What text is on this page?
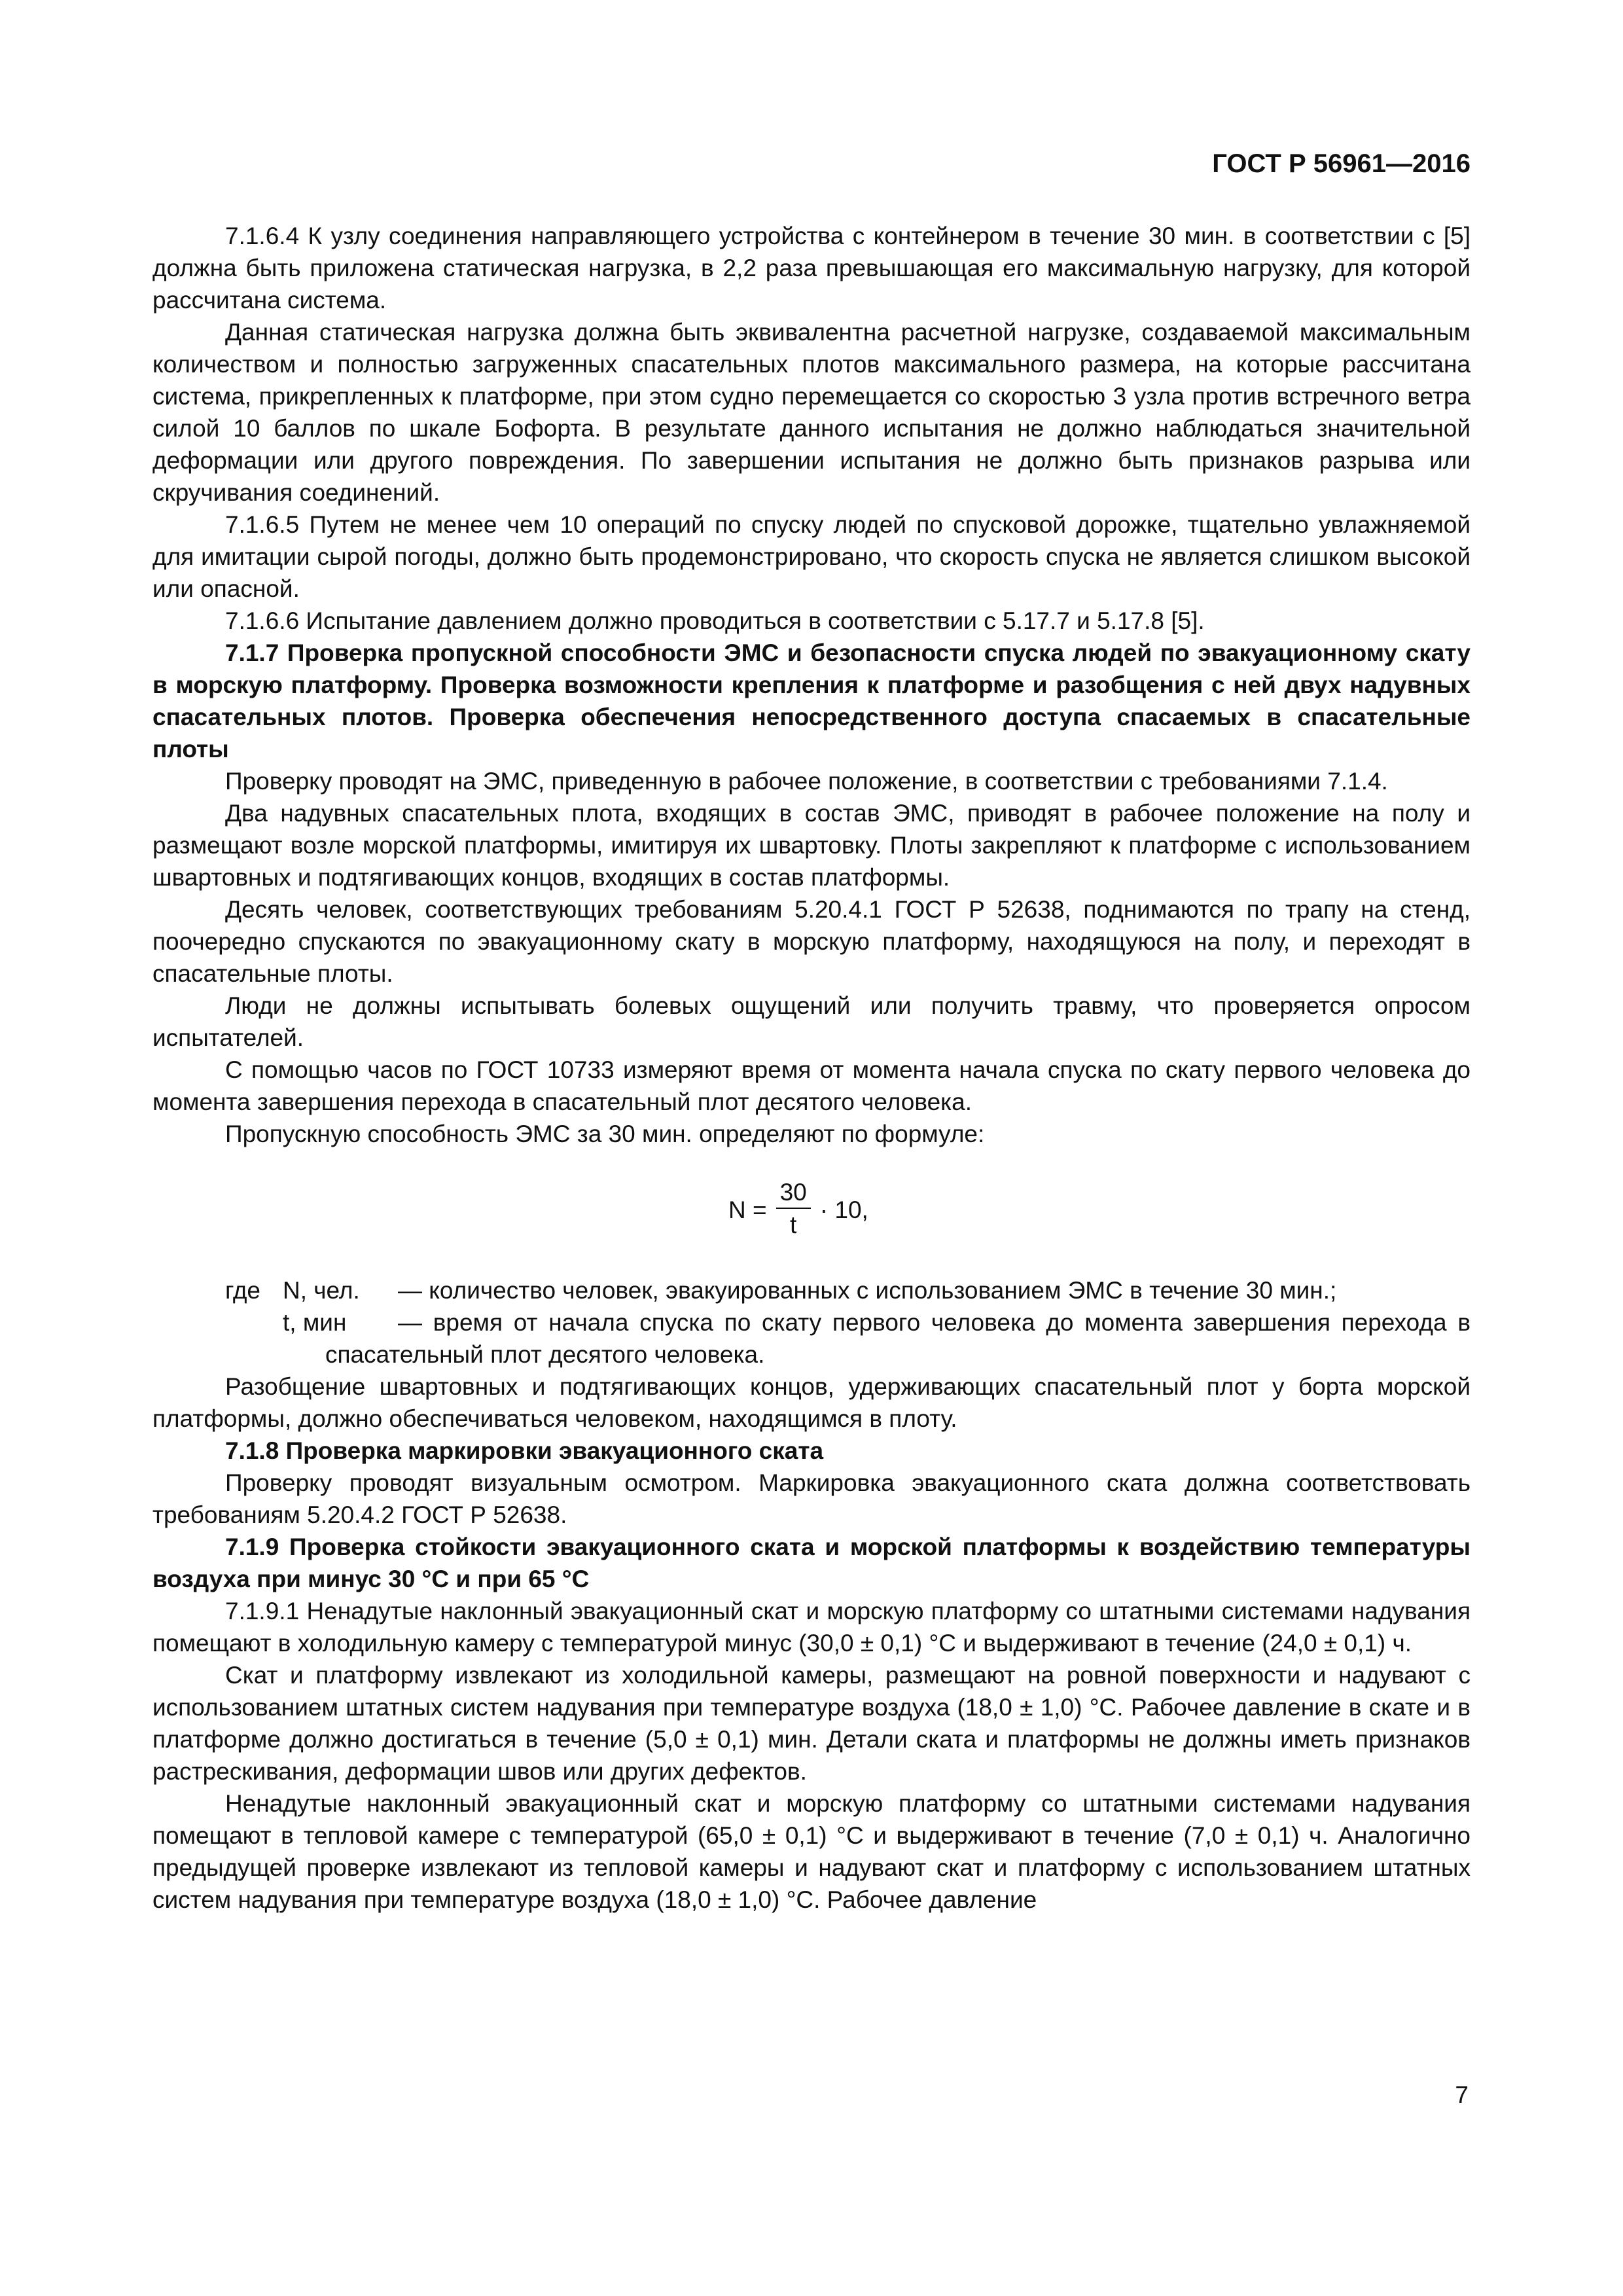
ГОСТ Р 56961—2016

7.1.6.4 К узлу соединения направляющего устройства с контейнером в течение 30 мин. в соответствии с [5] должна быть приложена статическая нагрузка, в 2,2 раза превышающая его максимальную нагрузку, для которой рассчитана система.

Данная статическая нагрузка должна быть эквивалентна расчетной нагрузке, создаваемой максимальным количеством и полностью загруженных спасательных плотов максимального размера, на которые рассчитана система, прикрепленных к платформе, при этом судно перемещается со скоростью 3 узла против встречного ветра силой 10 баллов по шкале Бофорта. В результате данного испытания не должно наблюдаться значительной деформации или другого повреждения. По завершении испытания не должно быть признаков разрыва или скручивания соединений.

7.1.6.5 Путем не менее чем 10 операций по спуску людей по спусковой дорожке, тщательно увлажняемой для имитации сырой погоды, должно быть продемонстрировано, что скорость спуска не является слишком высокой или опасной.

7.1.6.6 Испытание давлением должно проводиться в соответствии с 5.17.7 и 5.17.8 [5].

7.1.7 Проверка пропускной способности ЭМС и безопасности спуска людей по эвакуационному скату в морскую платформу. Проверка возможности крепления к платформе и разобщения с ней двух надувных спасательных плотов. Проверка обеспечения непосредственного доступа спасаемых в спасательные плоты

Проверку проводят на ЭМС, приведенную в рабочее положение, в соответствии с требованиями 7.1.4.

Два надувных спасательных плота, входящих в состав ЭМС, приводят в рабочее положение на полу и размещают возле морской платформы, имитируя их швартовку. Плоты закрепляют к платформе с использованием швартовных и подтягивающих концов, входящих в состав платформы.

Десять человек, соответствующих требованиям 5.20.4.1 ГОСТ Р 52638, поднимаются по трапу на стенд, поочередно спускаются по эвакуационному скату в морскую платформу, находящуюся на полу, и переходят в спасательные плоты.

Люди не должны испытывать болевых ощущений или получить травму, что проверяется опросом испытателей.

С помощью часов по ГОСТ 10733 измеряют время от момента начала спуска по скату первого человека до момента завершения перехода в спасательный плот десятого человека.

Пропускную способность ЭМС за 30 мин. определяют по формуле:

$N = \frac{30}{t} \cdot 10$,

где N, чел.	— количество человек, эвакуированных с использованием ЭМС в течение 30 мин.;

t, мин	— время от начала спуска по скату первого человека до момента завершения перехода в спасательный плот десятого человека.

Разобщение швартовных и подтягивающих концов, удерживающих спасательный плот у борта морской платформы, должно обеспечиваться человеком, находящимся в плоту.

7.1.8 Проверка маркировки эвакуационного ската

Проверку проводят визуальным осмотром. Маркировка эвакуационного ската должна соответствовать требованиям 5.20.4.2 ГОСТ Р 52638.

7.1.9 Проверка стойкости эвакуационного ската и морской платформы к воздействию температуры воздуха при минус 30 °С и при 65 °С

7.1.9.1 Ненадутые наклонный эвакуационный скат и морскую платформу со штатными системами надувания помещают в холодильную камеру с температурой минус (30,0 ± 0,1) °С и выдерживают в течение (24,0 ± 0,1) ч.

Скат и платформу извлекают из холодильной камеры, размещают на ровной поверхности и надувают с использованием штатных систем надувания при температуре воздуха (18,0 ± 1,0) °С. Рабочее давление в скате и в платформе должно достигаться в течение (5,0 ± 0,1) мин. Детали ската и платформы не должны иметь признаков растрескивания, деформации швов или других дефектов.

Ненадутые наклонный эвакуационный скат и морскую платформу со штатными системами надувания помещают в тепловой камере с температурой (65,0 ± 0,1) °С и выдерживают в течение (7,0 ± 0,1) ч. Аналогично предыдущей проверке извлекают из тепловой камеры и надувают скат и платформу с использованием штатных систем надувания при температуре воздуха (18,0 ± 1,0) °С. Рабочее давление

7
